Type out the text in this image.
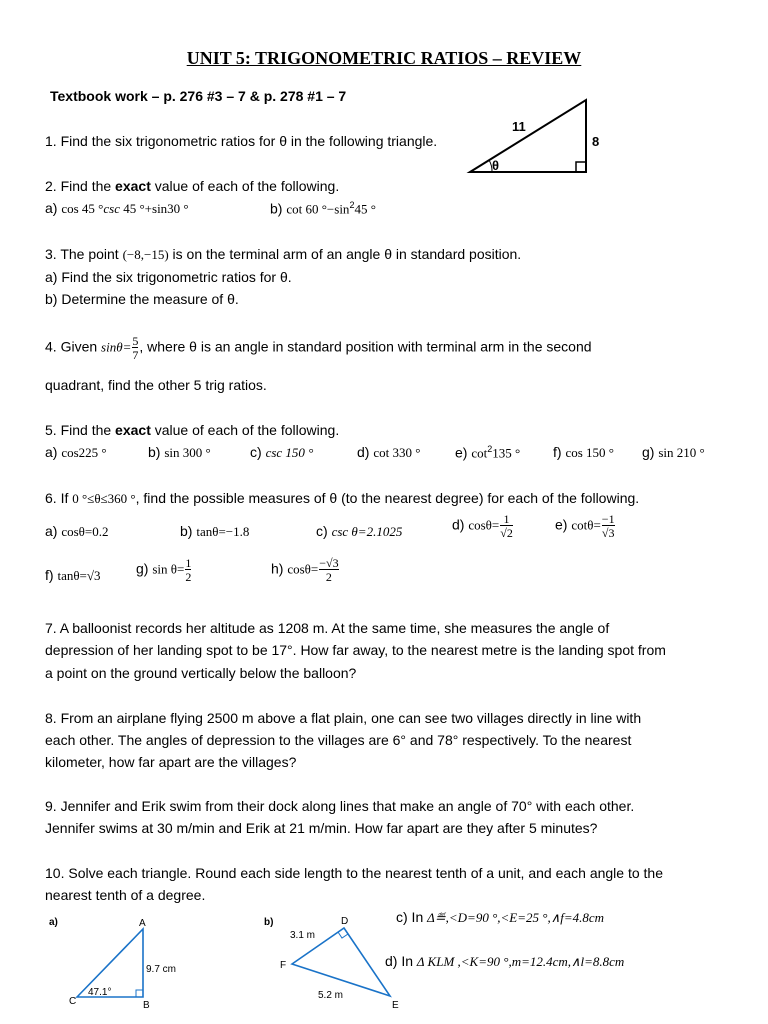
UNIT 5: TRIGONOMETRIC RATIOS – REVIEW
Textbook work – p. 276 #3 – 7 & p. 278 #1 – 7
1. Find the six trigonometric ratios for θ in the following triangle.
11
8
θ
2. Find the exact value of each of the following.
a) cos 45 °csc 45 °+sin30 °	b) cot 60 $^\circ-\sin^245$ °
3. The point (−8,−15) is on the terminal arm of an angle θ in standard position.
a) Find the six trigonometric ratios for θ.
b) Determine the measure of θ.
4. Given $\sin\theta= \frac{5}{7}$ , where θ is an angle in standard position with terminal arm in the second
quadrant, find the other 5 trig ratios.
5. Find the exact value of each of the following.
a) cos225 °	b) sin 300 °	c) csc 150 °	d) cot 330 ° e) $\cot^2135$ ° f) cos 150 ° g) sin 210 °
6. If 0 °≤θ≤360 °, find the possible measures of θ (to the nearest degree) for each of the following.
a) cosθ=0.2	b) tanθ=−1.8	c) csc θ=2.1025	d) $\cos\theta= \frac{1}{√2}$	e) $\cot\theta= \frac{-1}{√3}$
f) tanθ=√3	g) $\sin \theta= \frac{1}{2}$	h) $\cos\theta= \frac{-√3}{2}$
7. A balloonist records her altitude as 1208 m. At the same time, she measures the angle of
depression of her landing spot to be 17°. How far away, to the nearest metre is the landing spot from
a point on the ground vertically below the balloon?
8. From an airplane flying 2500 m above a flat plain, one can see two villages directly in line with
each other. The angles of depression to the villages are 6° and 78° respectively. To the nearest
kilometer, how far apart are the villages?
9. Jennifer and Erik swim from their dock along lines that make an angle of 70° with each other.
Jennifer swims at 30 m/min and Erik at 21 m/min. How far apart are they after 5 minutes?
10. Solve each triangle. Round each side length to the nearest tenth of a unit, and each angle to the
nearest tenth of a degree.
a)	A
B
C
9.7 cm
47.1°
b)	D
E
F
3.1 m
5.2 m
c) In Δ≝,<D=90 °,<E=25 °,∧f=4.8cm
d) In Δ KLM ,<K=90 °,m=12.4cm,∧l=8.8cm
